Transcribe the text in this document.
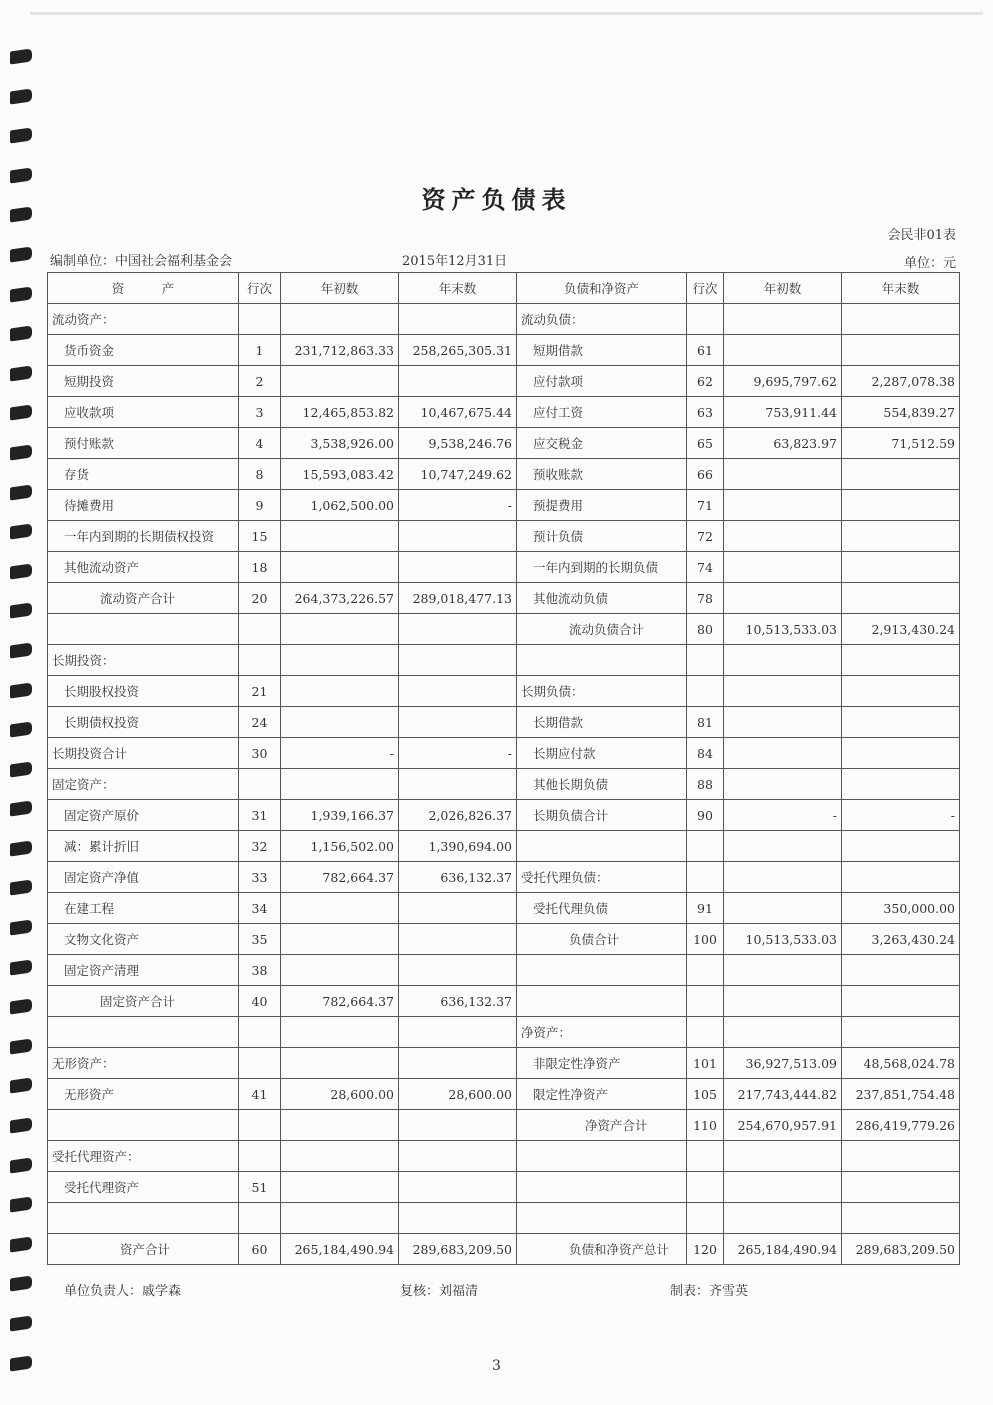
资产负债表
会民非01表
编制单位：中国社会福利基金会	2015年12月31日	单位：元
资　　　产	行次	年初数	年末数	负债和净资产	行次	年初数	年末数
流动资产：				流动负债：			
货币资金	1	231,712,863.33	258,265,305.31	短期借款	61		
短期投资	2			应付款项	62	9,695,797.62	2,287,078.38
应收款项	3	12,465,853.82	10,467,675.44	应付工资	63	753,911.44	554,839.27
预付账款	4	3,538,926.00	9,538,246.76	应交税金	65	63,823.97	71,512.59
存货	8	15,593,083.42	10,747,249.62	预收账款	66		
待摊费用	9	1,062,500.00	-	预提费用	71		
一年内到期的长期债权投资	15			预计负债	72		
其他流动资产	18			一年内到期的长期负债	74		
流动资产合计	20	264,373,226.57	289,018,477.13	其他流动负债	78		
				流动负债合计	80	10,513,533.03	2,913,430.24
长期投资：							
长期股权投资	21			长期负债：			
长期债权投资	24			长期借款	81		
长期投资合计	30	-	-	长期应付款	84		
固定资产：				其他长期负债	88		
固定资产原价	31	1,939,166.37	2,026,826.37	长期负债合计	90	-	-
减：累计折旧	32	1,156,502.00	1,390,694.00				
固定资产净值	33	782,664.37	636,132.37	受托代理负债：			
在建工程	34			受托代理负债	91		350,000.00
文物文化资产	35			负债合计	100	10,513,533.03	3,263,430.24
固定资产清理	38						
固定资产合计	40	782,664.37	636,132.37				
				净资产：			
无形资产：				非限定性净资产	101	36,927,513.09	48,568,024.78
无形资产	41	28,600.00	28,600.00	限定性净资产	105	217,743,444.82	237,851,754.48
				净资产合计	110	254,670,957.91	286,419,779.26
受托代理资产：							
受托代理资产	51						

资产合计	60	265,184,490.94	289,683,209.50	负债和净资产总计	120	265,184,490.94	289,683,209.50
单位负责人：戚学森	复核：刘福清	制表：齐雪英
3
